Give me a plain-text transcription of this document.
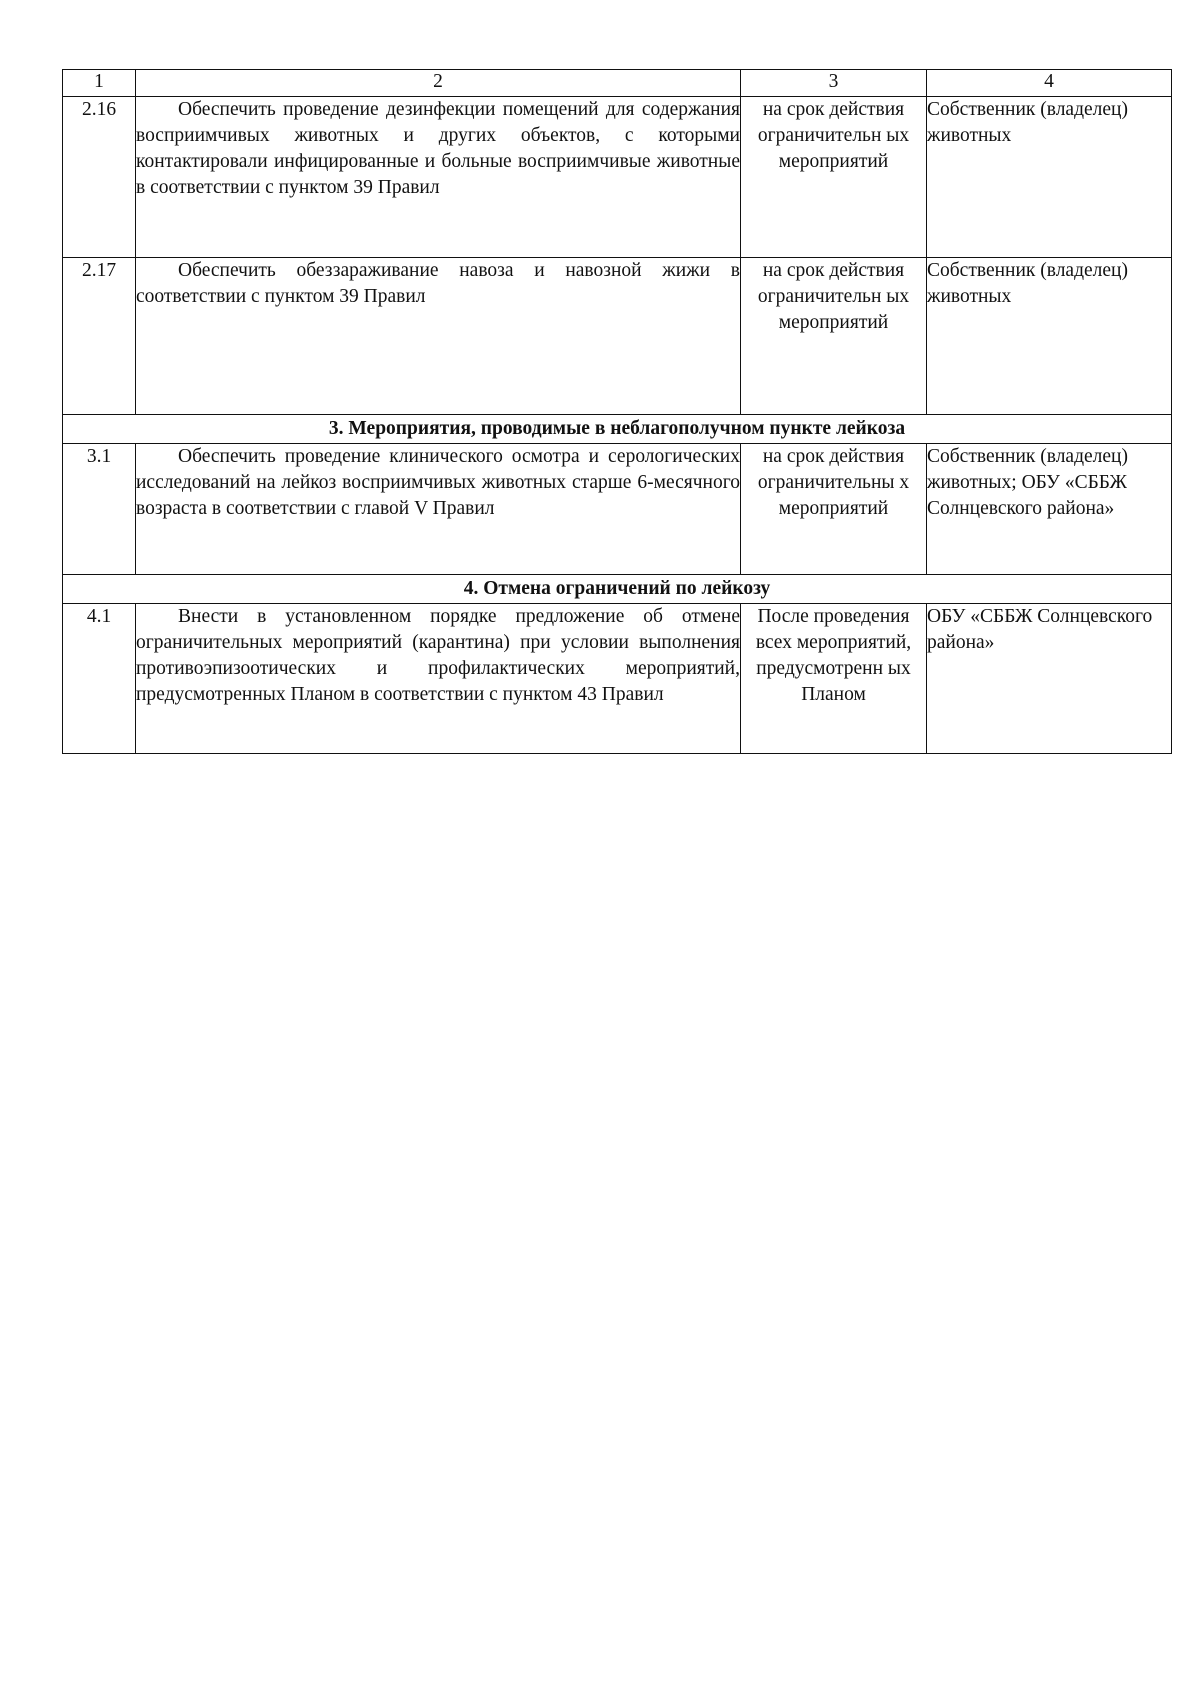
1	2	3	4
2.16	Обеспечить проведение дезинфекции помещений для содержания восприимчивых животных и других объектов, с которыми контактировали инфицированные и больные восприимчивые животные в соответствии с пунктом 39 Правил	на срок действия ограничительн ых мероприятий	Собственник (владелец) животных
2.17	Обеспечить обеззараживание навоза и навозной жижи в соответствии с пунктом 39 Правил	на срок действия ограничительн ых мероприятий	Собственник (владелец) животных
3. Мероприятия, проводимые в неблагополучном пункте лейкоза			
3.1	Обеспечить проведение клинического осмотра и серологических исследований на лейкоз восприимчивых животных старше 6-месячного возраста в соответствии с главой V Правил	на срок действия ограничительны х мероприятий	Собственник (владелец) животных; ОБУ «СББЖ Солнцевского района»
4. Отмена ограничений по лейкозу			
4.1	Внести в установленном порядке предложение об отмене ограничительных мероприятий (карантина) при условии выполнения противоэпизоотических и профилактических мероприятий, предусмотренных Планом в соответствии с пунктом 43 Правил	После проведения всех мероприятий, предусмотренн ых Планом	ОБУ «СББЖ Солнцевского района»
